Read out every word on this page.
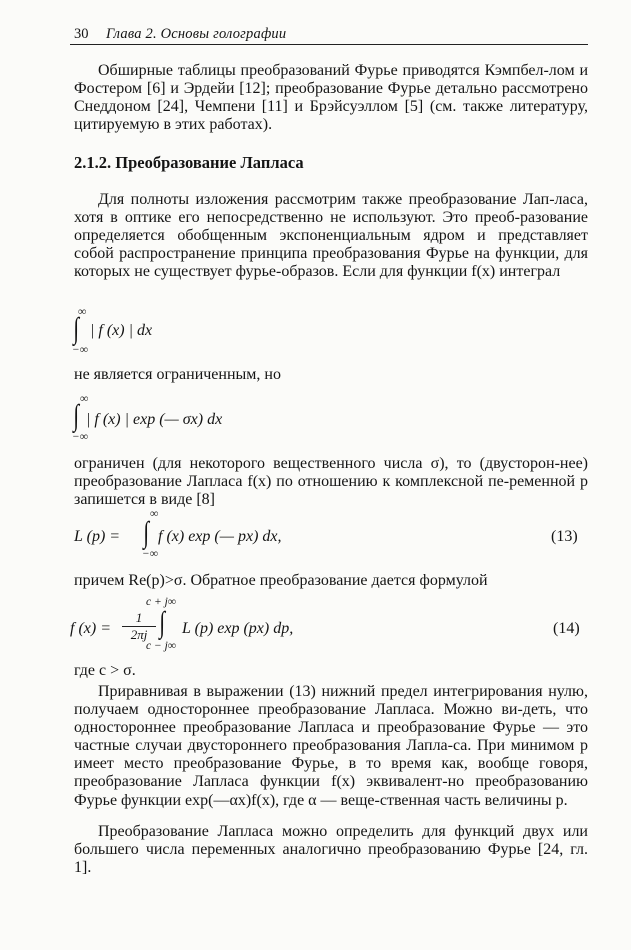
30 Глава 2. Основы голографии

Обширные таблицы преобразований Фурье приводятся Кэмпбел-лом и Фостером [6] и Эрдейи [12]; преобразование Фурье детально рассмотрено Снеддоном [24], Чемпени [11] и Брэйсуэллом [5] (см. также литературу, цитируемую в этих работах).

2.1.2. Преобразование Лапласа

Для полноты изложения рассмотрим также преобразование Лап-ласа, хотя в оптике его непосредственно не используют. Это преоб-разование определяется обобщенным экспоненциальным ядром и представляет собой распространение принципа преобразования Фурье на функции, для которых не существует фурье-образов. Если для функции f(x) интеграл

∞
∫
−∞
| f (x) | dx

не является ограниченным, но

∞
∫
−∞
| f (x) | exp (— σx) dx

ограничен (для некоторого вещественного числа σ), то (двусторон-нее) преобразование Лапласа f(x) по отношению к комплексной пе-ременной p запишется в виде [8]

L (p) =
∞
∫
−∞
f (x) exp (— px) dx,	(13)

причем Re(p)>σ. Обратное преобразование дается формулой

f $(x) = \frac{1}{2\pi j}$
c + j∞
∫
c − j∞
L (p) exp (px) dp,	(14)

где c > σ.

Приравнивая в выражении (13) нижний предел интегрирования нулю, получаем одностороннее преобразование Лапласа. Можно ви-деть, что одностороннее преобразование Лапласа и преобразование Фурье — это частные случаи двустороннего преобразования Лапла-са. При минимом p имеет место преобразование Фурье, в то время как, вообще говоря, преобразование Лапласа функции f(x) эквивалент-но преобразованию Фурье функции exp(—αx)f(x), где α — веще-ственная часть величины p.

Преобразование Лапласа можно определить для функций двух или большего числа переменных аналогично преобразованию Фурье [24, гл. 1].
